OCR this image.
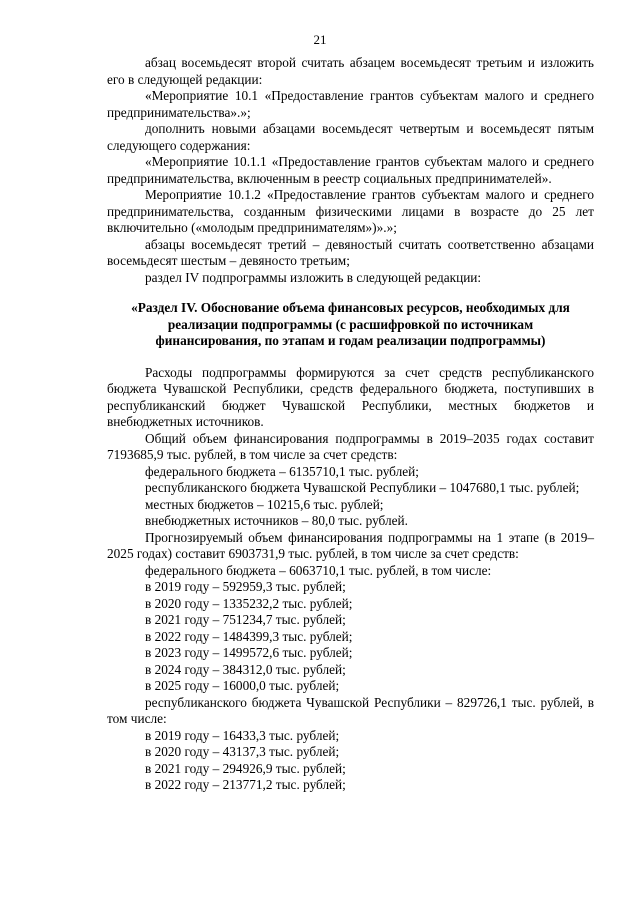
21

абзац восемьдесят второй считать абзацем восемьдесят третьим и изложить его в следующей редакции:

«Мероприятие 10.1 «Предоставление грантов субъектам малого и среднего предпринимательства».»;

дополнить новыми абзацами восемьдесят четвертым и восемьдесят пятым следующего содержания:

«Мероприятие 10.1.1 «Предоставление грантов субъектам малого и среднего предпринимательства, включенным в реестр социальных предпринимателей».

Мероприятие 10.1.2 «Предоставление грантов субъектам малого и среднего предпринимательства, созданным физическими лицами в возрасте до 25 лет включительно («молодым предпринимателям»)».»;

абзацы восемьдесят третий – девяностый считать соответственно абзацами восемьдесят шестым – девяностo третьим;

раздел IV подпрограммы изложить в следующей редакции:

«Раздел IV. Обоснование объема финансовых ресурсов, необходимых для реализации подпрограммы (с расшифровкой по источникам финансирования, по этапам и годам реализации подпрограммы)

Расходы подпрограммы формируются за счет средств республиканского бюджета Чувашской Республики, средств федерального бюджета, поступивших в республиканский бюджет Чувашской Республики, местных бюджетов и внебюджетных источников.

Общий объем финансирования подпрограммы в 2019–2035 годах составит 7193685,9 тыс. рублей, в том числе за счет средств:

федерального бюджета – 6135710,1 тыс. рублей;

республиканского бюджета Чувашской Республики – 1047680,1 тыс. рублей;

местных бюджетов – 10215,6 тыс. рублей;

внебюджетных источников – 80,0 тыс. рублей.

Прогнозируемый объем финансирования подпрограммы на 1 этапе (в 2019–2025 годах) составит 6903731,9 тыс. рублей, в том числе за счет средств:

федерального бюджета – 6063710,1 тыс. рублей, в том числе:

в 2019 году – 592959,3 тыс. рублей;

в 2020 году – 1335232,2 тыс. рублей;

в 2021 году – 751234,7 тыс. рублей;

в 2022 году – 1484399,3 тыс. рублей;

в 2023 году – 1499572,6 тыс. рублей;

в 2024 году – 384312,0 тыс. рублей;

в 2025 году – 16000,0 тыс. рублей;

республиканского бюджета Чувашской Республики – 829726,1 тыс. рублей, в том числе:

в 2019 году – 16433,3 тыс. рублей;

в 2020 году – 43137,3 тыс. рублей;

в 2021 году – 294926,9 тыс. рублей;

в 2022 году – 213771,2 тыс. рублей;
